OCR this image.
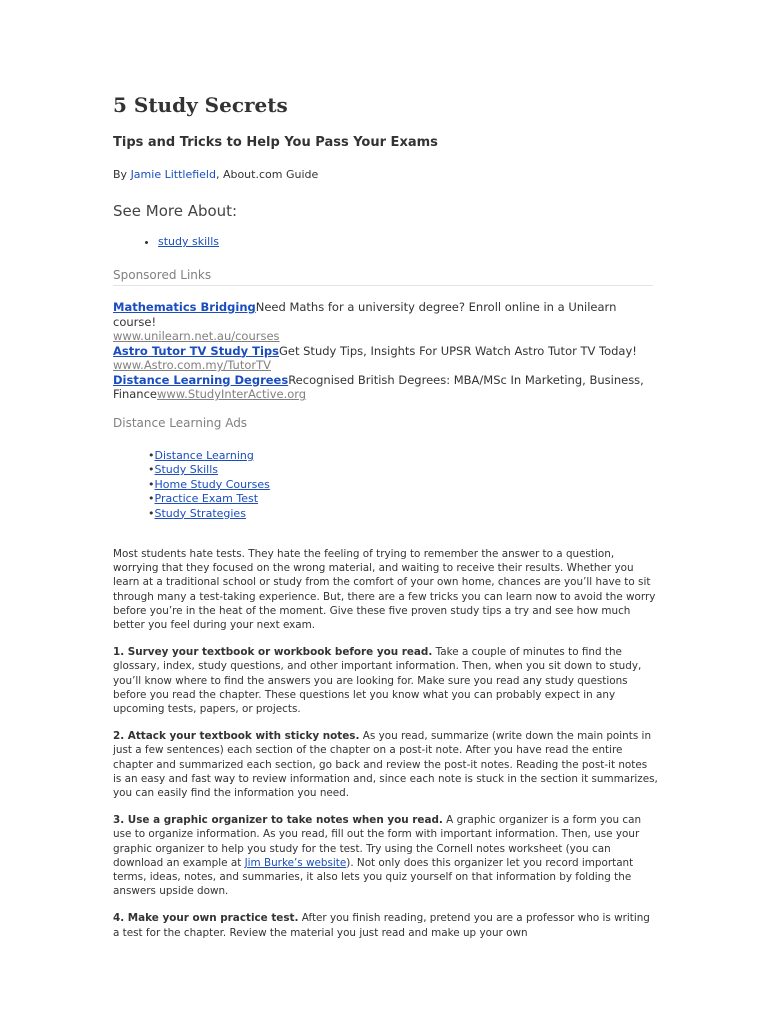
5 Study Secrets
Tips and Tricks to Help You Pass Your Exams
By Jamie Littlefield, About.com Guide
See More About:
• study skills
Sponsored Links
Mathematics BridgingNeed Maths for a university degree? Enroll online in a Unilearn course!
www.unilearn.net.au/courses
Astro Tutor TV Study TipsGet Study Tips, Insights For UPSR Watch Astro Tutor TV Today!
www.Astro.com.my/TutorTV
Distance Learning DegreesRecognised British Degrees: MBA/MSc In Marketing, Business, Financewww.StudyInterActive.org
Distance Learning Ads
•Distance Learning
•Study Skills
•Home Study Courses
•Practice Exam Test
•Study Strategies

Most students hate tests. They hate the feeling of trying to remember the answer to a question, worrying that they focused on the wrong material, and waiting to receive their results. Whether you learn at a traditional school or study from the comfort of your own home, chances are you’ll have to sit through many a test-taking experience. But, there are a few tricks you can learn now to avoid the worry before you’re in the heat of the moment. Give these five proven study tips a try and see how much better you feel during your next exam.

1. Survey your textbook or workbook before you read. Take a couple of minutes to find the glossary, index, study questions, and other important information. Then, when you sit down to study, you’ll know where to find the answers you are looking for. Make sure you read any study questions before you read the chapter. These questions let you know what you can probably expect in any upcoming tests, papers, or projects.

2. Attack your textbook with sticky notes. As you read, summarize (write down the main points in just a few sentences) each section of the chapter on a post-it note. After you have read the entire chapter and summarized each section, go back and review the post-it notes. Reading the post-it notes is an easy and fast way to review information and, since each note is stuck in the section it summarizes, you can easily find the information you need.

3. Use a graphic organizer to take notes when you read. A graphic organizer is a form you can use to organize information. As you read, fill out the form with important information. Then, use your graphic organizer to help you study for the test. Try using the Cornell notes worksheet (you can download an example at Jim Burke’s website). Not only does this organizer let you record important terms, ideas, notes, and summaries, it also lets you quiz yourself on that information by folding the answers upside down.

4. Make your own practice test. After you finish reading, pretend you are a professor who is writing a test for the chapter. Review the material you just read and make up your own
